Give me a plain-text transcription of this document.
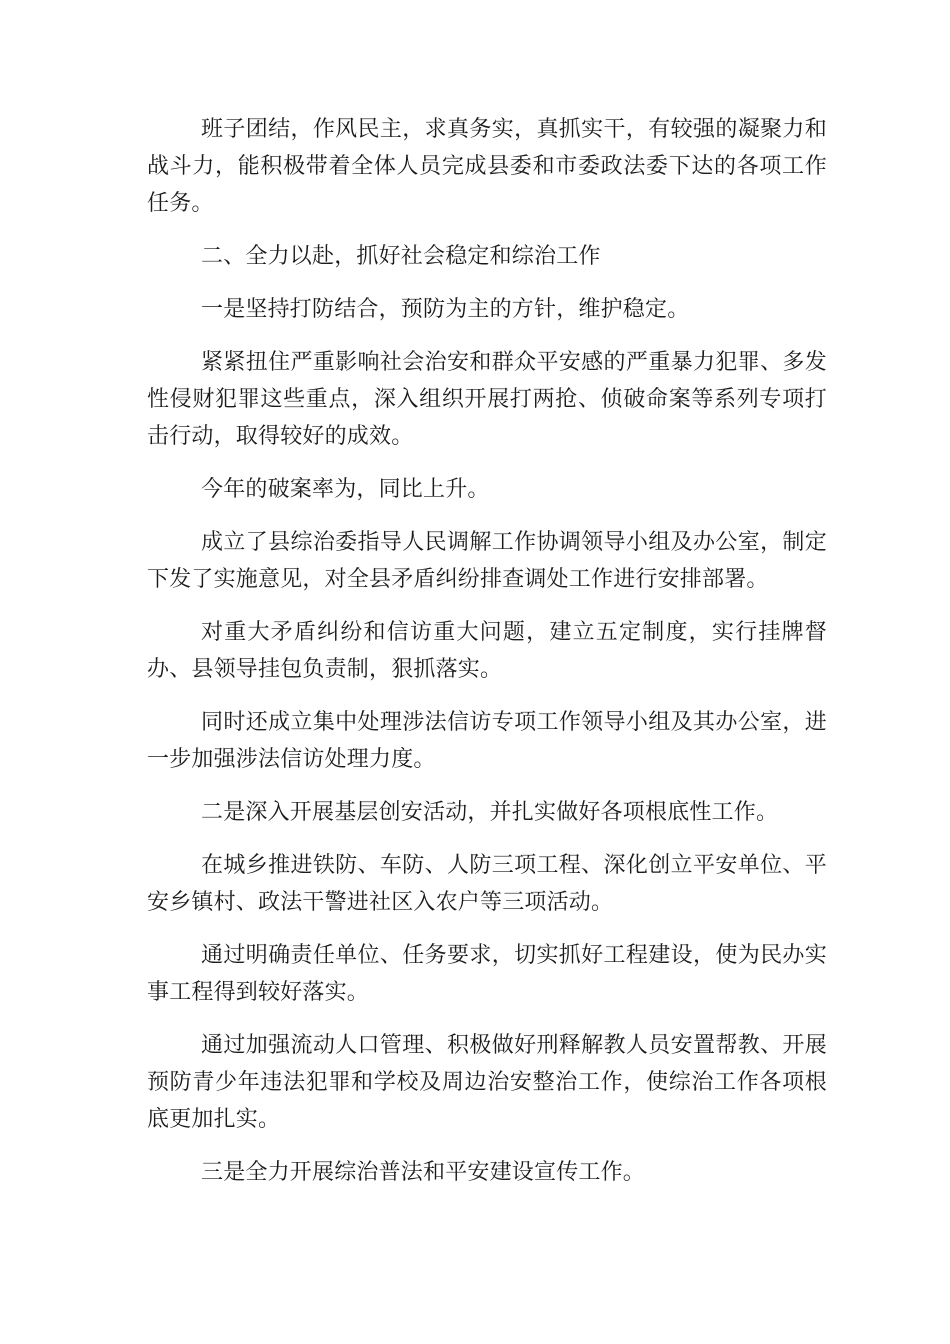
班子团结，作风民主，求真务实，真抓实干，有较强的凝聚力和战斗力，能积极带着全体人员完成县委和市委政法委下达的各项工作任务。

二、全力以赴，抓好社会稳定和综治工作

一是坚持打防结合，预防为主的方针，维护稳定。

紧紧扭住严重影响社会治安和群众平安感的严重暴力犯罪、多发性侵财犯罪这些重点，深入组织开展打两抢、侦破命案等系列专项打击行动，取得较好的成效。

今年的破案率为，同比上升。

成立了县综治委指导人民调解工作协调领导小组及办公室，制定下发了实施意见，对全县矛盾纠纷排查调处工作进行安排部署。

对重大矛盾纠纷和信访重大问题，建立五定制度，实行挂牌督办、县领导挂包负责制，狠抓落实。

同时还成立集中处理涉法信访专项工作领导小组及其办公室，进一步加强涉法信访处理力度。

二是深入开展基层创安活动，并扎实做好各项根底性工作。

在城乡推进铁防、车防、人防三项工程、深化创立平安单位、平安乡镇村、政法干警进社区入农户等三项活动。

通过明确责任单位、任务要求，切实抓好工程建设，使为民办实事工程得到较好落实。

通过加强流动人口管理、积极做好刑释解教人员安置帮教、开展预防青少年违法犯罪和学校及周边治安整治工作，使综治工作各项根底更加扎实。

三是全力开展综治普法和平安建设宣传工作。
